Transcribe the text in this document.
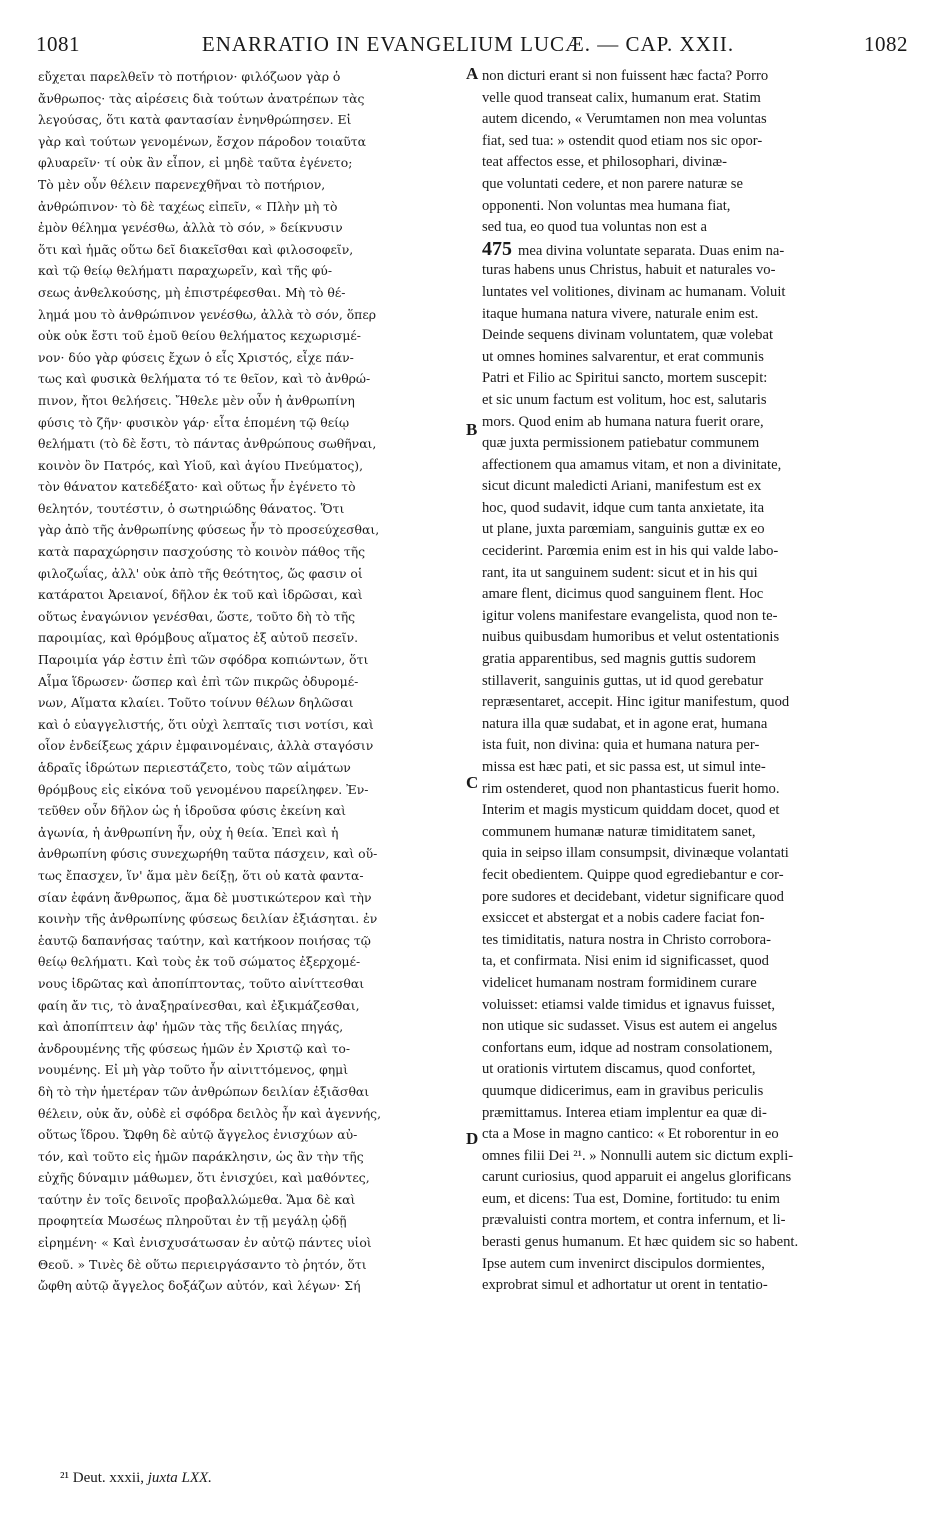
1081	ENARRATIO IN EVANGELIUM LUCÆ. — CAP. XXII.	1082
εὔχεται παρελθεῖν τὸ ποτήριον· φιλόζωον γὰρ ὁ
ἄνθρωπος· τὰς αἱρέσεις διὰ τούτων ἀνατρέπων τὰς
λεγούσας, ὅτι κατὰ φαντασίαν ἐνηνθρώπησεν. Εἰ
γὰρ καὶ τούτων γενομένων, ἔσχον πάροδον τοιαῦτα
φλυαρεῖν· τί οὐκ ἂν εἶπον, εἰ μηδὲ ταῦτα ἐγένετο;
Τὸ μὲν οὖν θέλειν παρενεχθῆναι τὸ ποτήριον,
ἀνθρώπινον· τὸ δὲ ταχέως εἰπεῖν, « Πλὴν μὴ τὸ
ἐμὸν θέλημα γενέσθω, ἀλλὰ τὸ σόν, » δείκνυσιν
ὅτι καὶ ἡμᾶς οὕτω δεῖ διακεῖσθαι καὶ φιλοσοφεῖν,
καὶ τῷ θείῳ θελήματι παραχωρεῖν, καὶ τῆς φύ-
σεως ἀνθελκούσης, μὴ ἐπιστρέφεσθαι. Μὴ τὸ θέ-
λημά μου τὸ ἀνθρώπινον γενέσθω, ἀλλὰ τὸ σόν, ὅπερ
οὐκ οὐκ ἔστι τοῦ ἐμοῦ θείου θελήματος κεχωρισμέ-
νον· δύο γὰρ φύσεις ἔχων ὁ εἷς Χριστός, εἶχε πάν-
τως καὶ φυσικὰ θελήματα τό τε θεῖον, καὶ τὸ ἀνθρώ-
πινον, ἤτοι θελήσεις. Ἤθελε μὲν οὖν ἡ ἀνθρωπίνη
φύσις τὸ ζῆν· φυσικὸν γάρ· εἶτα ἑπομένη τῷ θείῳ
θελήματι (τὸ δὲ ἔστι, τὸ πάντας ἀνθρώπους σωθῆναι,
κοινὸν ὂν Πατρός, καὶ Υἱοῦ, καὶ ἁγίου Πνεύματος),
τὸν θάνατον κατεδέξατο· καὶ οὕτως ἦν ἐγένετο τὸ
θελητόν, τουτέστιν, ὁ σωτηριώδης θάνατος. Ὅτι
γὰρ ἀπὸ τῆς ἀνθρωπίνης φύσεως ἦν τὸ προσεύχεσθαι,
κατὰ παραχώρησιν πασχούσης τὸ κοινὸν πάθος τῆς
φιλοζωΐας, ἀλλ' οὐκ ἀπὸ τῆς θεότητος, ὥς φασιν οἱ
κατάρατοι Ἀρειανοί, δῆλον ἐκ τοῦ καὶ ἱδρῶσαι, καὶ
οὕτως ἐναγώνιον γενέσθαι, ὥστε, τοῦτο δὴ τὸ τῆς
παροιμίας, καὶ θρόμβους αἵματος ἐξ αὐτοῦ πεσεῖν.
Παροιμία γάρ ἐστιν ἐπὶ τῶν σφόδρα κοπιώντων, ὅτι
Αἷμα ἵδρωσεν· ὥσπερ καὶ ἐπὶ τῶν πικρῶς ὀδυρομέ-
νων, Αἵματα κλαίει. Τοῦτο τοίνυν θέλων δηλῶσαι
καὶ ὁ εὐαγγελιστής, ὅτι οὐχὶ λεπταῖς τισι νοτίσι, καὶ
οἷον ἐνδείξεως χάριν ἐμφαινομέναις, ἀλλὰ σταγόσιν
ἁδραῖς ἱδρώτων περιεστάζετο, τοὺς τῶν αἱμάτων
θρόμβους εἰς εἰκόνα τοῦ γενομένου παρείληφεν. Ἐν-
τεῦθεν οὖν δῆλον ὡς ἡ ἱδροῦσα φύσις ἐκείνη καὶ
ἀγωνία, ἡ ἀνθρωπίνη ἦν, οὐχ ἡ θεία. Ἐπεὶ καὶ ἡ
ἀνθρωπίνη φύσις συνεχωρήθη ταῦτα πάσχειν, καὶ οὕ-
τως ἔπασχεν, ἵν' ἅμα μὲν δείξῃ, ὅτι οὐ κατὰ φαντα-
σίαν ἐφάνη ἄνθρωπος, ἅμα δὲ μυστικώτερον καὶ τὴν
κοινὴν τῆς ἀνθρωπίνης φύσεως δειλίαν ἐξιάσηται. ἐν
ἑαυτῷ δαπανήσας ταύτην, καὶ κατήκοον ποιήσας τῷ
θείῳ θελήματι. Καὶ τοὺς ἐκ τοῦ σώματος ἐξερχομέ-
νους ἱδρῶτας καὶ ἀποπίπτοντας, τοῦτο αἰνίττεσθαι
φαίη ἄν τις, τὸ ἀναξηραίνεσθαι, καὶ ἐξικμάζεσθαι,
καὶ ἀποπίπτειν ἀφ' ἡμῶν τὰς τῆς δειλίας πηγάς,
ἀνδρουμένης τῆς φύσεως ἡμῶν ἐν Χριστῷ καὶ το-
νουμένης. Εἰ μὴ γὰρ τοῦτο ἦν αἰνιττόμενος, φημὶ
δὴ τὸ τὴν ἡμετέραν τῶν ἀνθρώπων δειλίαν ἐξιᾶσθαι
θέλειν, οὐκ ἄν, οὐδὲ εἰ σφόδρα δειλὸς ἦν καὶ ἀγεννής,
οὕτως ἵδρου. Ὤφθη δὲ αὐτῷ ἄγγελος ἐνισχύων αὐ-
τόν, καὶ τοῦτο εἰς ἡμῶν παράκλησιν, ὡς ἂν τὴν τῆς
εὐχῆς δύναμιν μάθωμεν, ὅτι ἐνισχύει, καὶ μαθόντες,
ταύτην ἐν τοῖς δεινοῖς προβαλλώμεθα. Ἅμα δὲ καὶ
προφητεία Μωσέως πληροῦται ἐν τῇ μεγάλῃ ᾠδῇ
εἰρημένη· « Καὶ ἐνισχυσάτωσαν ἐν αὐτῷ πάντες υἱοὶ
Θεοῦ. » Τινὲς δὲ οὕτω περιειργάσαντο τὸ ῥητόν, ὅτι
ὤφθη αὐτῷ ἄγγελος δοξάζων αὐτόν, καὶ λέγων· Σή
non dicturi erant si non fuissent hæc facta? Porro
velle quod transeat calix, humanum erat. Statim
autem dicendo, « Verumtamen non mea voluntas
fiat, sed tua: » ostendit quod etiam nos sic opor-
teat affectos esse, et philosophari, divinæ-
que voluntati cedere, et non parere naturæ se
opponenti. Non voluntas mea humana fiat,
sed tua, eo quod tua voluntas non est a
475 mea divina voluntate separata. Duas enim na-
turas habens unus Christus, habuit et naturales vo-
luntates vel volitiones, divinam ac humanam. Voluit
itaque humana natura vivere, naturale enim est.
Deinde sequens divinam voluntatem, quæ volebat
ut omnes homines salvarentur, et erat communis
Patri et Filio ac Spiritui sancto, mortem suscepit:
et sic unum factum est volitum, hoc est, salutaris
mors. Quod enim ab humana natura fuerit orare,
quæ juxta permissionem patiebatur communem
affectionem qua amamus vitam, et non a divinitate,
sicut dicunt maledicti Ariani, manifestum est ex
hoc, quod sudavit, idque cum tanta anxietate, ita
ut plane, juxta parœmiam, sanguinis guttæ ex eo
ceciderint. Parœmia enim est in his qui valde labo-
rant, ita ut sanguinem sudent: sicut et in his qui
amare flent, dicimus quod sanguinem flent. Hoc
igitur volens manifestare evangelista, quod non te-
nuibus quibusdam humoribus et velut ostentationis
gratia apparentibus, sed magnis guttis sudorem
stillaverit, sanguinis guttas, ut id quod gerebatur
repræsentaret, accepit. Hinc igitur manifestum, quod
natura illa quæ sudabat, et in agone erat, humana
ista fuit, non divina: quia et humana natura per-
missa est hæc pati, et sic passa est, ut simul inte-
rim ostenderet, quod non phantasticus fuerit homo.
Interim et magis mysticum quiddam docet, quod et
communem humanæ naturæ timiditatem sanet,
quia in seipso illam consumpsit, divinæque volantati
fecit obedientem. Quippe quod egrediebantur e cor-
pore sudores et decidebant, videtur significare quod
exsiccet et abstergat et a nobis cadere faciat fon-
tes timiditatis, natura nostra in Christo corrobora-
ta, et confirmata. Nisi enim id significasset, quod
videlicet humanam nostram formidinem curare
voluisset: etiamsi valde timidus et ignavus fuisset,
non utique sic sudasset. Visus est autem ei angelus
confortans eum, idque ad nostram consolationem,
ut orationis virtutem discamus, quod confortet,
quumque didicerimus, eam in gravibus periculis
præmittamus. Interea etiam implentur ea quæ di-
cta a Mose in magno cantico: « Et roborentur in eo
omnes filii Dei ²¹. » Nonnulli autem sic dictum expli-
carunt curiosius, quod apparuit ei angelus glorificans
eum, et dicens: Tua est, Domine, fortitudo: tu enim
prævaluisti contra mortem, et contra infernum, et li-
berasti genus humanum. Et hæc quidem sic so habent.
Ipse autem cum invenirct discipulos dormientes,
exprobrat simul et adhortatur ut orent in tentatio-
A
B
C
D
²¹ Deut. xxxii, juxta LXX.
